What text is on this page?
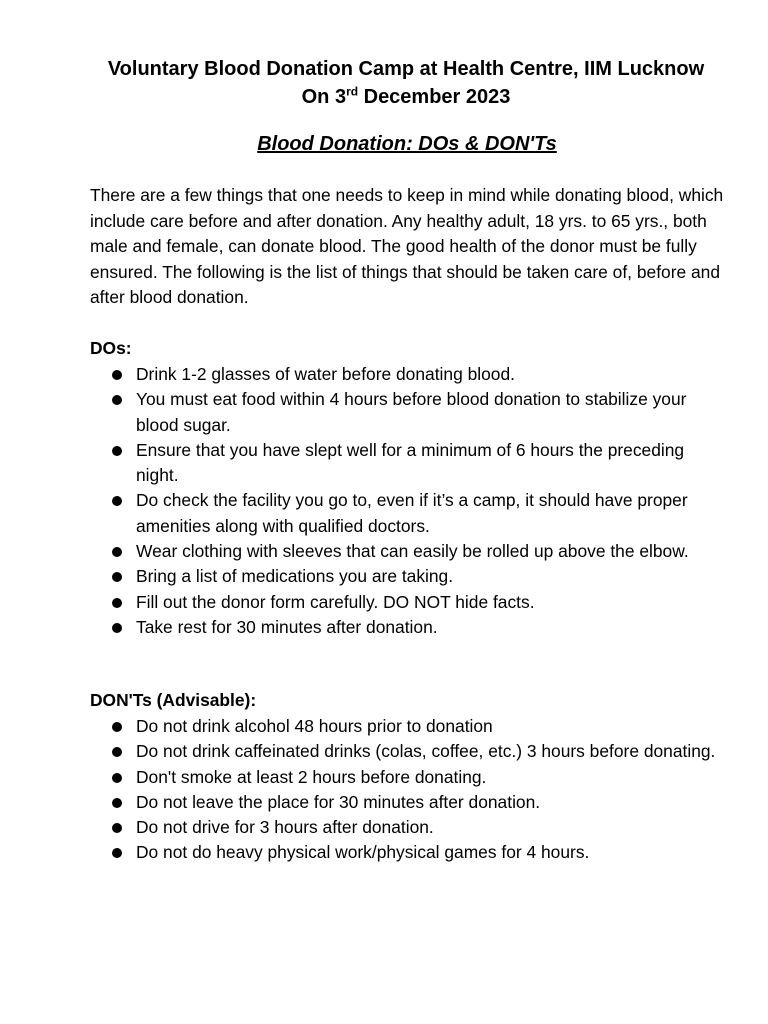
Voluntary Blood Donation Camp at Health Centre, IIM Lucknow
On 3rd December 2023
Blood Donation: DOs & DON'Ts

There are a few things that one needs to keep in mind while donating blood, which include care before and after donation. Any healthy adult, 18 yrs. to 65 yrs., both male and female, can donate blood. The good health of the donor must be fully ensured. The following is the list of things that should be taken care of, before and after blood donation.

DOs:

Drink 1-2 glasses of water before donating blood.
You must eat food within 4 hours before blood donation to stabilize your blood sugar.
Ensure that you have slept well for a minimum of 6 hours the preceding night.
Do check the facility you go to, even if it’s a camp, it should have proper amenities along with qualified doctors.
Wear clothing with sleeves that can easily be rolled up above the elbow.
Bring a list of medications you are taking.
Fill out the donor form carefully. DO NOT hide facts.
Take rest for 30 minutes after donation.

DON'Ts (Advisable):

Do not drink alcohol 48 hours prior to donation
Do not drink caffeinated drinks (colas, coffee, etc.) 3 hours before donating.
Don't smoke at least 2 hours before donating.
Do not leave the place for 30 minutes after donation.
Do not drive for 3 hours after donation.
Do not do heavy physical work/physical games for 4 hours.
